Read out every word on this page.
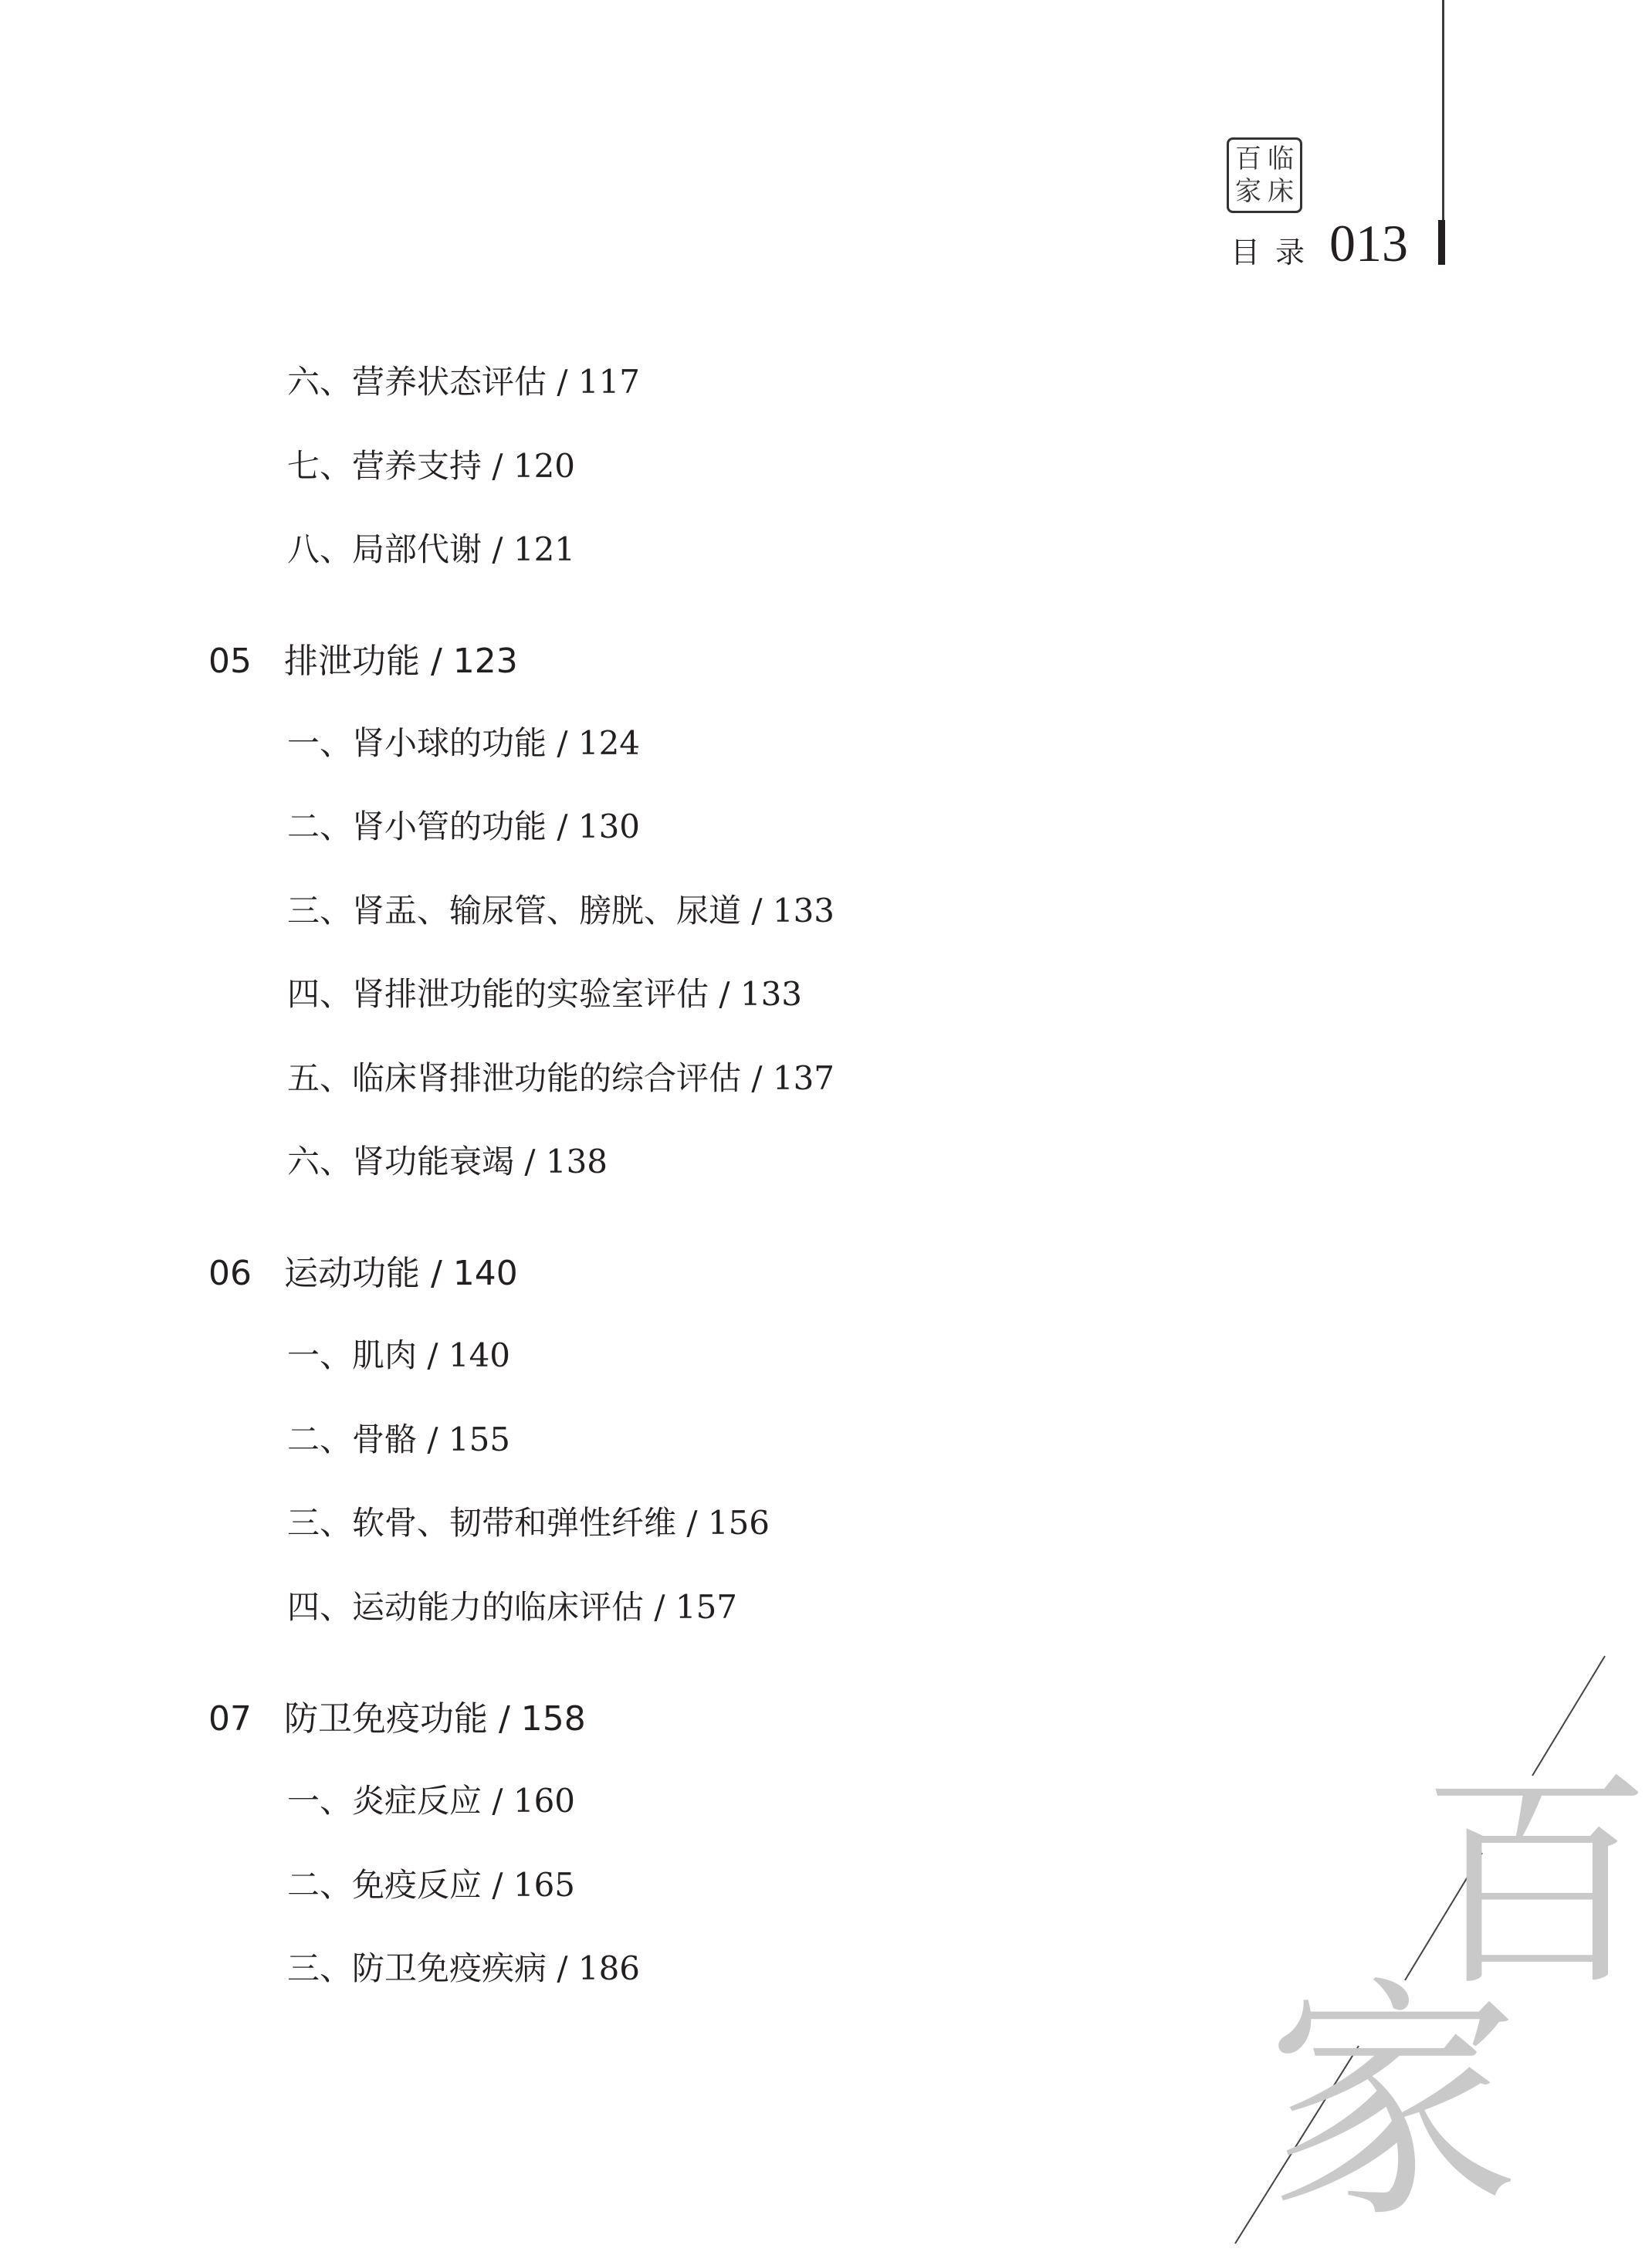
百 临
家 床
目录 013
六、营养状态评估 / 117
七、营养支持 / 120
八、局部代谢 / 121
05 排泄功能 / 123
一、肾小球的功能 / 124
二、肾小管的功能 / 130
三、肾盂、输尿管、膀胱、尿道 / 133
四、肾排泄功能的实验室评估 / 133
五、临床肾排泄功能的综合评估 / 137
六、肾功能衰竭 / 138
06 运动功能 / 140
一、肌肉 / 140
二、骨骼 / 155
三、软骨、韧带和弹性纤维 / 156
四、运动能力的临床评估 / 157
07 防卫免疫功能 / 158
一、炎症反应 / 160
二、免疫反应 / 165
三、防卫免疫疾病 / 186	百
家
